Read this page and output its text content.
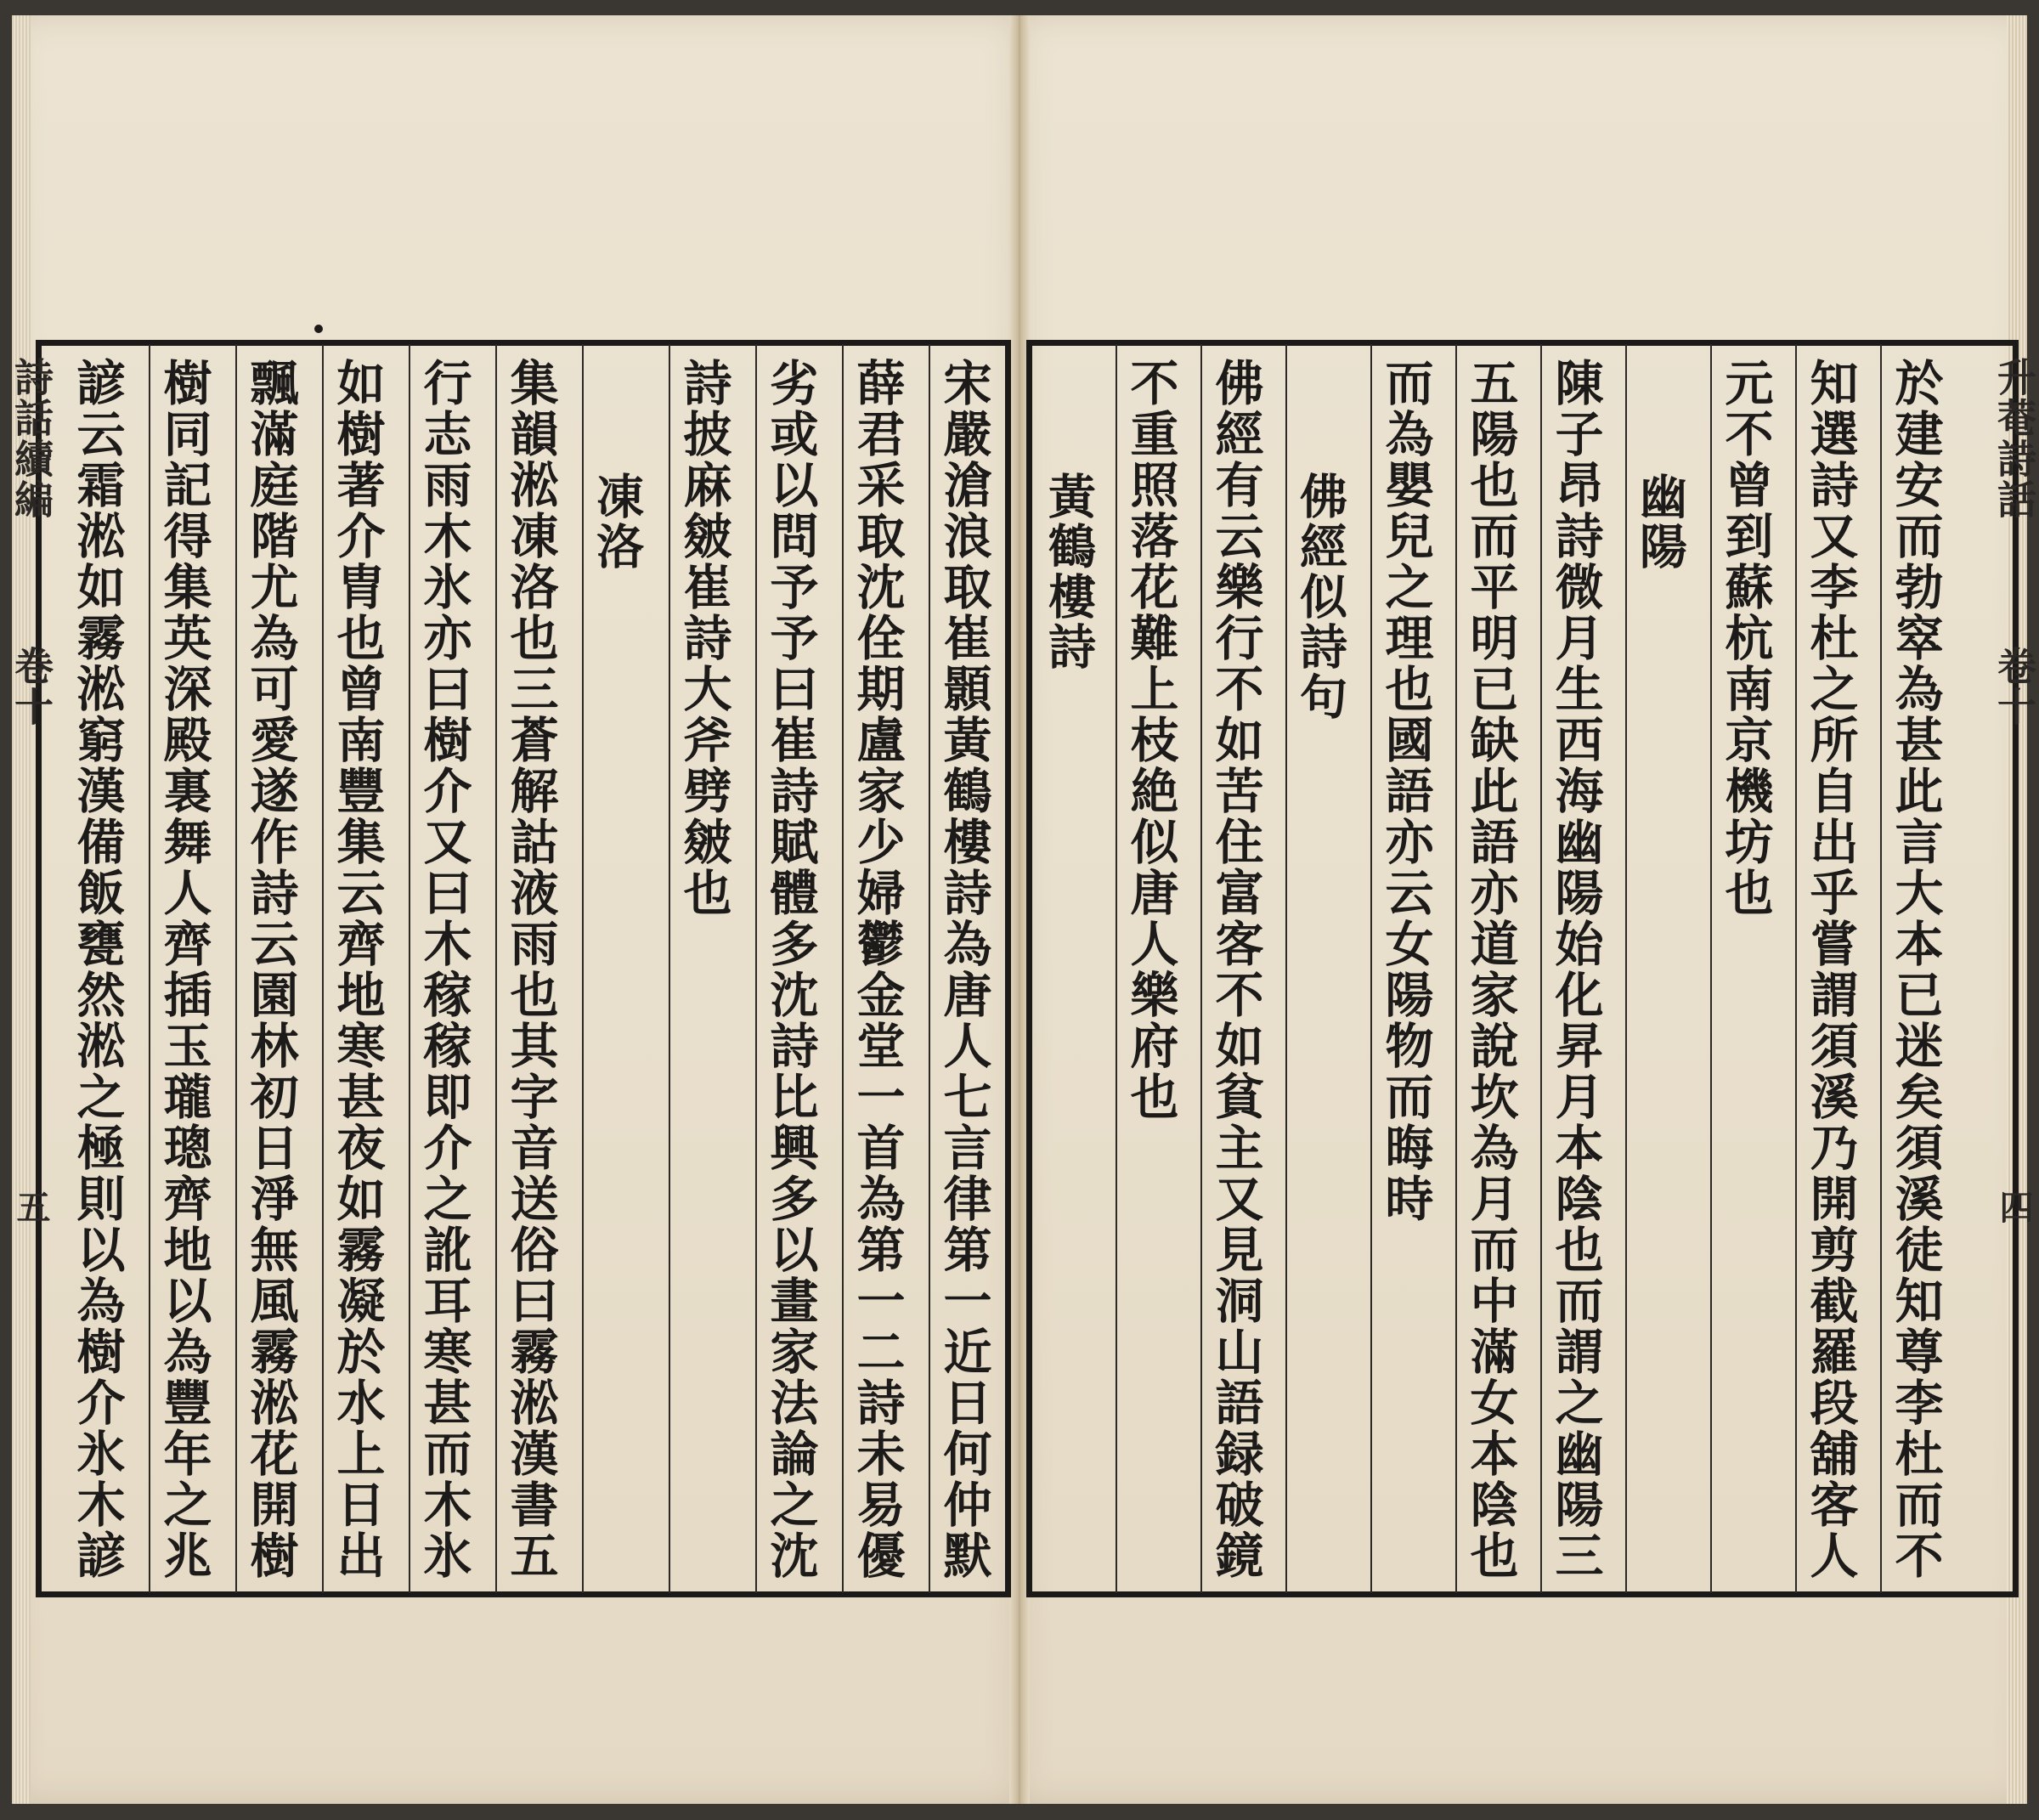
宋嚴滄浪取崔顥黃鶴樓詩為唐人七言律第一近日何仲默
薛君采取沈佺期盧家少婦鬱金堂一首為第一二詩未易優
劣或以問予予曰崔詩賦體多沈詩比興多以畫家法論之沈
詩披麻皴崔詩大斧劈皴也
凍洛
集韻淞凍洛也三蒼解詁液雨也其字音送俗曰霧淞漢書五
行志雨木氷亦曰樹介又曰木稼稼即介之訛耳寒甚而木氷
如樹著介胄也曾南豐集云齊地寒甚夜如霧凝於水上日出
飄滿庭階尤為可愛遂作詩云園林初日淨無風霧淞花開樹
樹同記得集英深殿裏舞人齊插玉瓏璁齊地以為豐年之兆
諺云霜淞如霧淞窮漢備飯甕然淞之極則以為樹介氷木諺
詩話續編
卷十
五	於建安而勃窣為甚此言大本已迷矣須溪徒知尊李杜而不
知選詩又李杜之所自出乎嘗謂須溪乃開剪截羅段舖客人
元不曾到蘇杭南京機坊也
幽陽
陳子昂詩微月生西海幽陽始化昇月本陰也而謂之幽陽三
五陽也而平明已缺此語亦道家說坎為月而中滿女本陰也
而為嬰兒之理也國語亦云女陽物而晦時
佛經似詩句
佛經有云樂行不如苦住富客不如貧主又見洞山語録破鏡
不重照落花難上枝絶似唐人樂府也
黃鶴樓詩
升菴詩話
卷十
四
